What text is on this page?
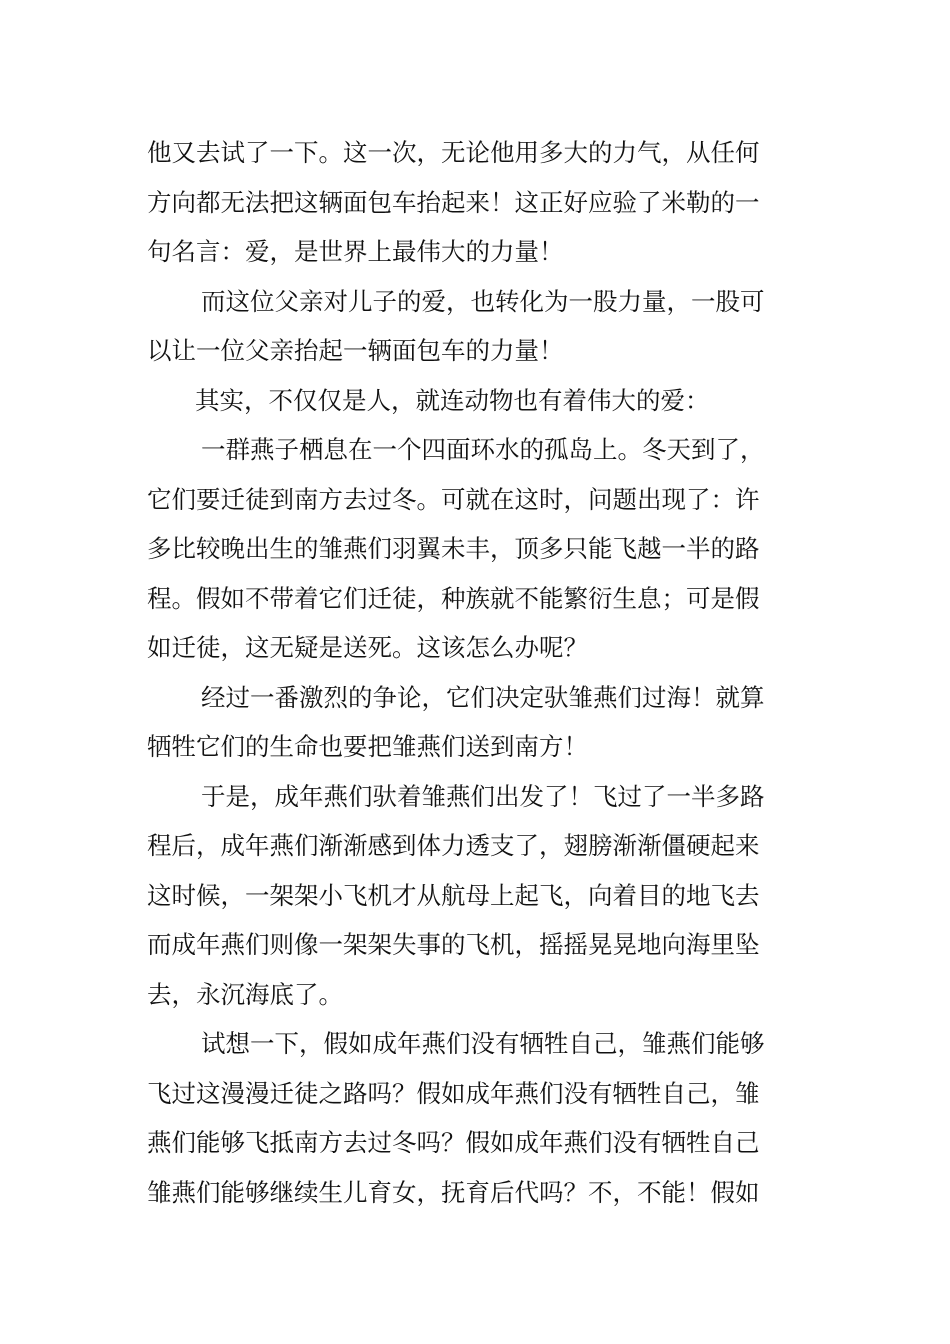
他又去试了一下。这一次，无论他用多大的力气，从任何
方向都无法把这辆面包车抬起来！这正好应验了米勒的一
句名言：爱，是世界上最伟大的力量！

而这位父亲对儿子的爱，也转化为一股力量，一股可
以让一位父亲抬起一辆面包车的力量！

其实，不仅仅是人，就连动物也有着伟大的爱：

一群燕子栖息在一个四面环水的孤岛上。冬天到了，
它们要迁徒到南方去过冬。可就在这时，问题出现了：许
多比较晚出生的雏燕们羽翼未丰，顶多只能飞越一半的路
程。假如不带着它们迁徒，种族就不能繁衍生息；可是假
如迁徒，这无疑是送死。这该怎么办呢？

经过一番激烈的争论，它们决定驮雏燕们过海！就算
牺牲它们的生命也要把雏燕们送到南方！

于是，成年燕们驮着雏燕们出发了！飞过了一半多路
程后，成年燕们渐渐感到体力透支了，翅膀渐渐僵硬起来
这时候，一架架小飞机才从航母上起飞，向着目的地飞去
而成年燕们则像一架架失事的飞机，摇摇晃晃地向海里坠
去，永沉海底了。

试想一下，假如成年燕们没有牺牲自己，雏燕们能够
飞过这漫漫迁徒之路吗？假如成年燕们没有牺牲自己，雏
燕们能够飞抵南方去过冬吗？假如成年燕们没有牺牲自己
雏燕们能够继续生儿育女，抚育后代吗？不，不能！假如
